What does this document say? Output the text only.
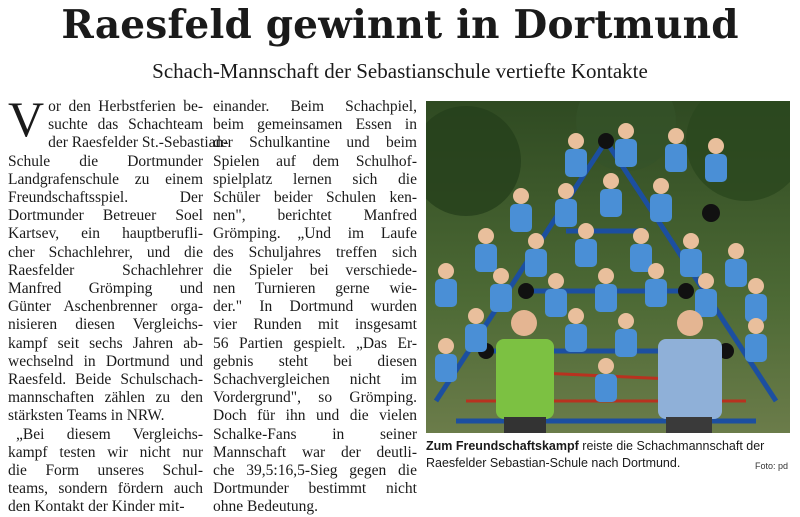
Raesfeld gewinnt in Dortmund
Schach-Mannschaft der Sebastianschule vertiefte Kontakte
V or den Herbstferien be-
suchte das Schachteam
der Raesfelder St.-Sebastian-
Schule die Dortmunder
Landgrafenschule zu einem
Freundschaftsspiel. Der
Dortmunder Betreuer Soel
Kartsev, ein hauptberufli-
cher Schachlehrer, und die
Raesfelder Schachlehrer
Manfred Grömping und
Günter Aschenbrenner orga-
nisieren diesen Vergleichs-
kampf seit sechs Jahren ab-
wechselnd in Dortmund und
Raesfeld. Beide Schulschach-
mannschaften zählen zu den
stärksten Teams in NRW.
„Bei diesem Vergleichs-
kampf testen wir nicht nur
die Form unseres Schul-
teams, sondern fördern auch
den Kontakt der Kinder mit-
einander. Beim Schachpiel,
beim gemeinsamen Essen in
der Schulkantine und beim
Spielen auf dem Schulhof-
spielplatz lernen sich die
Schüler beider Schulen ken-
nen", berichtet Manfred
Grömping. „Und im Laufe
des Schuljahres treffen sich
die Spieler bei verschiede-
nen Turnieren gerne wie-
der." In Dortmund wurden
vier Runden mit insgesamt
56 Partien gespielt. „Das Er-
gebnis steht bei diesen
Schachvergleichen nicht im
Vordergrund", so Grömping.
Doch für ihn und die vielen
Schalke-Fans in seiner
Mannschaft war der deutli-
che 39,5:16,5-Sieg gegen die
Dortmunder bestimmt nicht
ohne Bedeutung.
Zum Freundschaftskampf reiste die Schachmannschaft der Raesfelder Sebastian-Schule nach Dortmund.	Foto: pd
